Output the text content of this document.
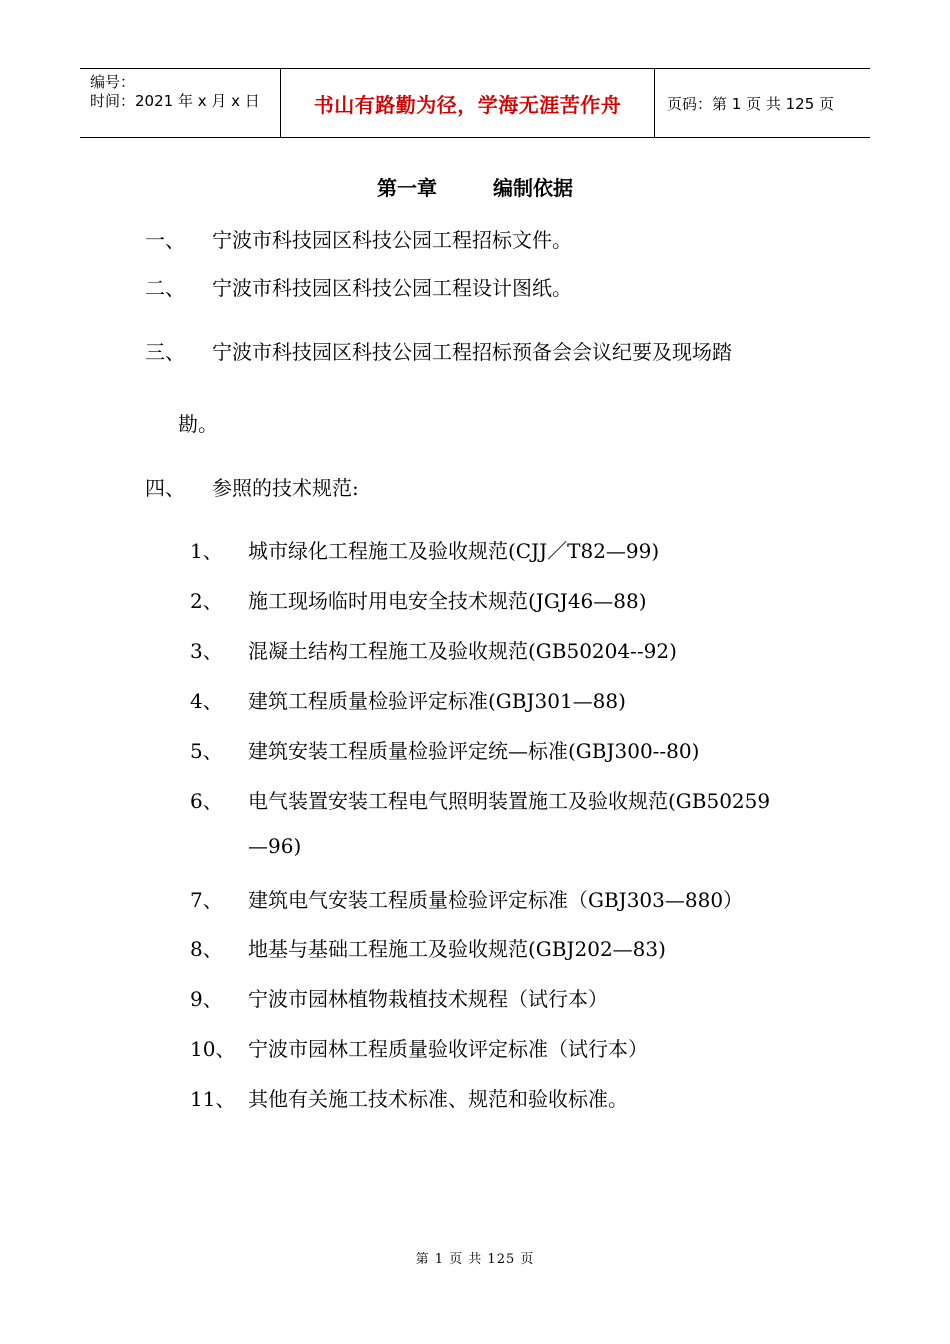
编号：
时间：2021 年 x 月 x 日	书山有路勤为径，学海无涯苦作舟	页码：第 1 页 共 125 页
第一章	编制依据
一、 宁波市科技园区科技公园工程招标文件。
二、 宁波市科技园区科技公园工程设计图纸。
三、 宁波市科技园区科技公园工程招标预备会会议纪要及现场踏
勘。
四、 参照的技术规范:
1、 城市绿化工程施工及验收规范(CJJ／T82—99)
2、 施工现场临时用电安全技术规范(JGJ46—88)
3、 混凝土结构工程施工及验收规范(GB50204--92)
4、 建筑工程质量检验评定标准(GBJ301—88)
5、 建筑安装工程质量检验评定统—标准(GBJ300--80)
6、 电气装置安装工程电气照明装置施工及验收规范(GB50259
—96)
7、 建筑电气安装工程质量检验评定标准（GBJ303—880）
8、 地基与基础工程施工及验收规范(GBJ202—83)
9、 宁波市园林植物栽植技术规程（试行本）
10、 宁波市园林工程质量验收评定标准（试行本）
11、 其他有关施工技术标准、规范和验收标准。
第 1 页 共 125 页
